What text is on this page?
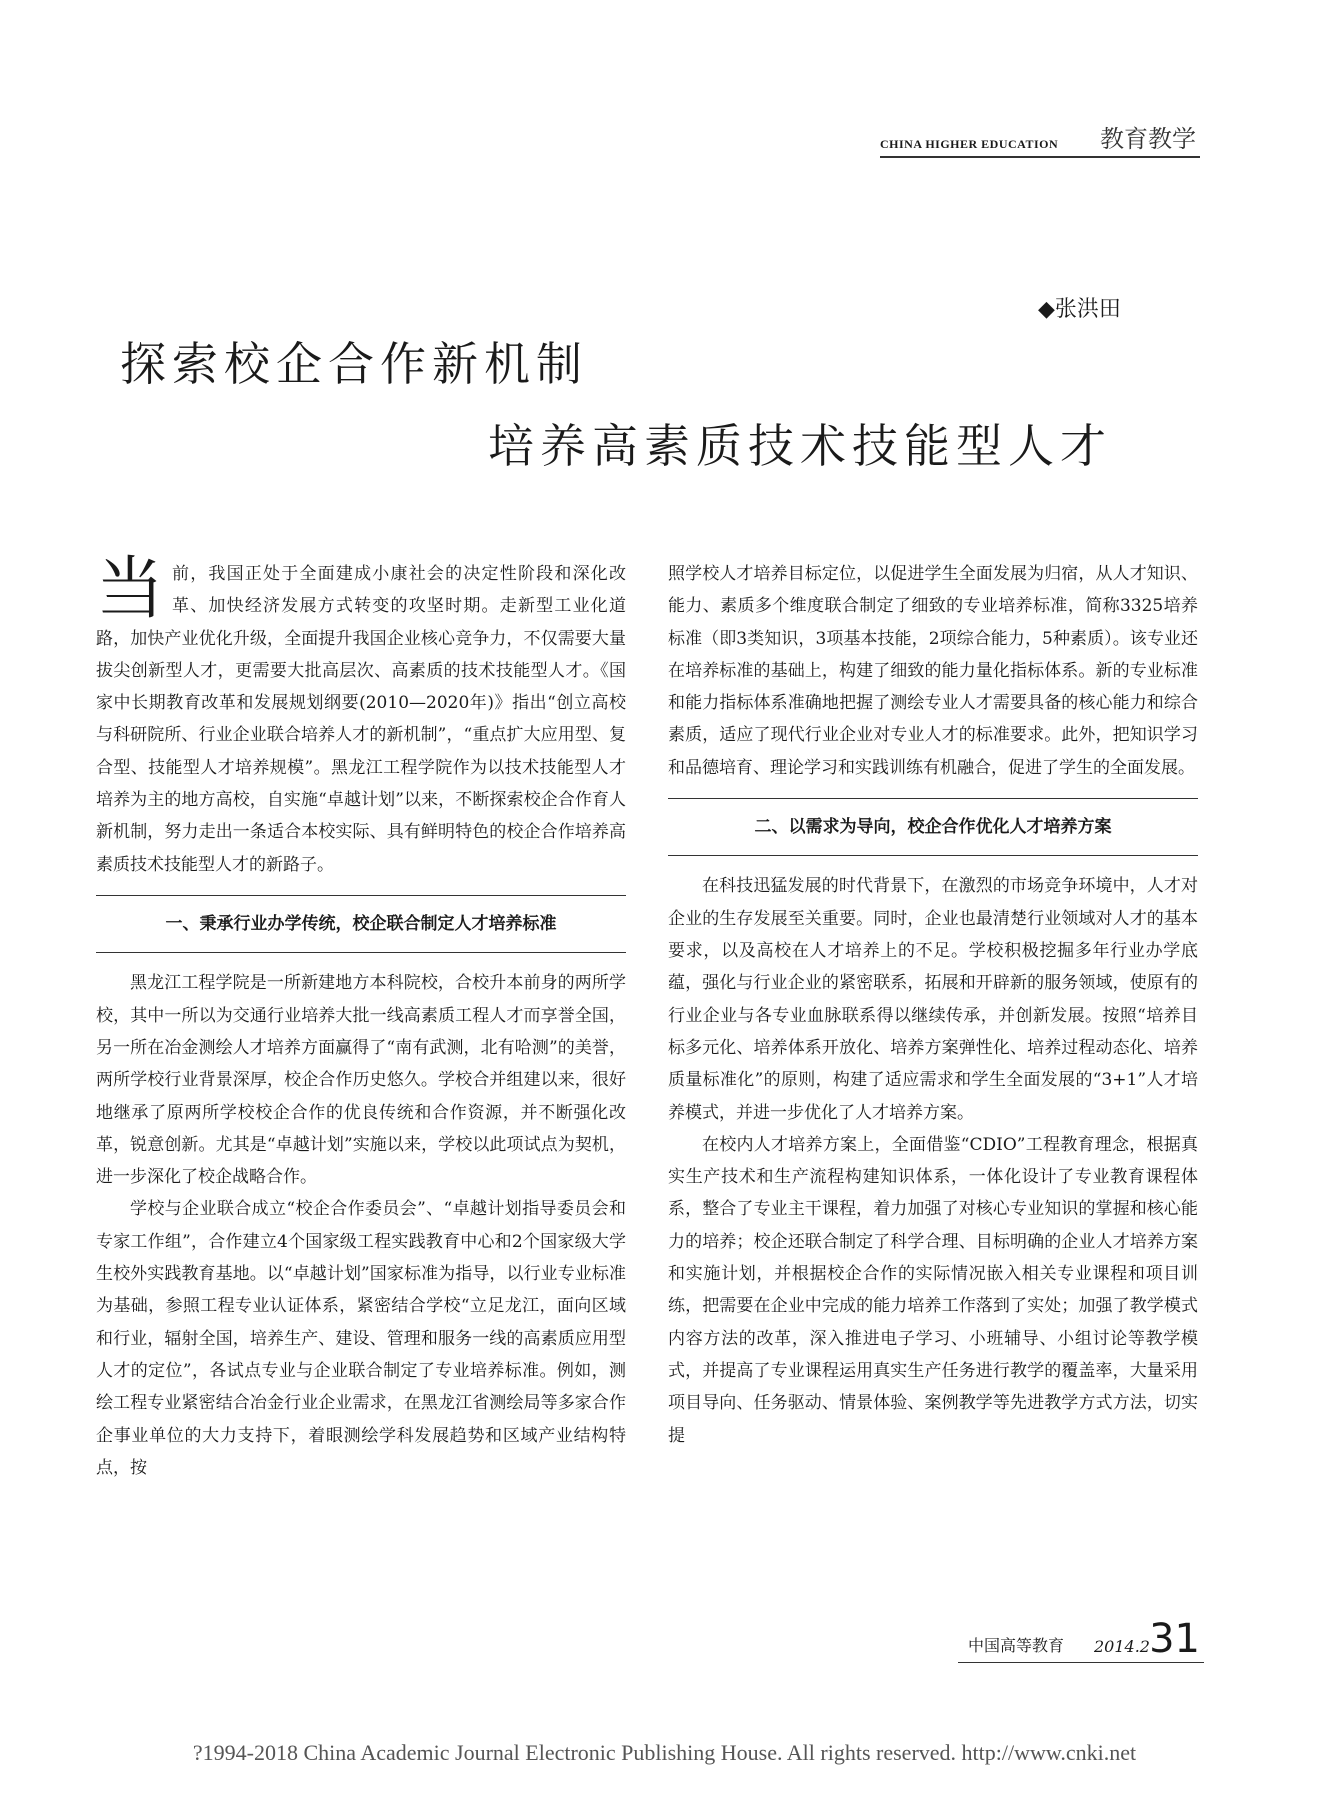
CHINA HIGHER EDUCATION 教育教学
◆张洪田
探索校企合作新机制
培养高素质技术技能型人才

当前，我国正处于全面建成小康社会的决定性阶段和深化改革、加快经济发展方式转变的攻坚时期。走新型工业化道路，加快产业优化升级，全面提升我国企业核心竞争力，不仅需要大量拔尖创新型人才，更需要大批高层次、高素质的技术技能型人才。《国家中长期教育改革和发展规划纲要(2010—2020年)》指出“创立高校与科研院所、行业企业联合培养人才的新机制”，“重点扩大应用型、复合型、技能型人才培养规模”。黑龙江工程学院作为以技术技能型人才培养为主的地方高校，自实施“卓越计划”以来，不断探索校企合作育人新机制，努力走出一条适合本校实际、具有鲜明特色的校企合作培养高素质技术技能型人才的新路子。

一、秉承行业办学传统，校企联合制定人才培养标准

黑龙江工程学院是一所新建地方本科院校，合校升本前身的两所学校，其中一所以为交通行业培养大批一线高素质工程人才而享誉全国，另一所在冶金测绘人才培养方面赢得了“南有武测，北有哈测”的美誉，两所学校行业背景深厚，校企合作历史悠久。学校合并组建以来，很好地继承了原两所学校校企合作的优良传统和合作资源，并不断强化改革，锐意创新。尤其是“卓越计划”实施以来，学校以此项试点为契机，进一步深化了校企战略合作。

学校与企业联合成立“校企合作委员会”、“卓越计划指导委员会和专家工作组”，合作建立4个国家级工程实践教育中心和2个国家级大学生校外实践教育基地。以“卓越计划”国家标准为指导，以行业专业标准为基础，参照工程专业认证体系，紧密结合学校“立足龙江，面向区域和行业，辐射全国，培养生产、建设、管理和服务一线的高素质应用型人才的定位”，各试点专业与企业联合制定了专业培养标准。例如，测绘工程专业紧密结合冶金行业企业需求，在黑龙江省测绘局等多家合作企事业单位的大力支持下，着眼测绘学科发展趋势和区域产业结构特点，按

照学校人才培养目标定位，以促进学生全面发展为归宿，从人才知识、能力、素质多个维度联合制定了细致的专业培养标准，简称3325培养标准（即3类知识，3项基本技能，2项综合能力，5种素质）。该专业还在培养标准的基础上，构建了细致的能力量化指标体系。新的专业标准和能力指标体系准确地把握了测绘专业人才需要具备的核心能力和综合素质，适应了现代行业企业对专业人才的标准要求。此外，把知识学习和品德培育、理论学习和实践训练有机融合，促进了学生的全面发展。

二、以需求为导向，校企合作优化人才培养方案

在科技迅猛发展的时代背景下，在激烈的市场竞争环境中，人才对企业的生存发展至关重要。同时，企业也最清楚行业领域对人才的基本要求，以及高校在人才培养上的不足。学校积极挖掘多年行业办学底蕴，强化与行业企业的紧密联系，拓展和开辟新的服务领域，使原有的行业企业与各专业血脉联系得以继续传承，并创新发展。按照“培养目标多元化、培养体系开放化、培养方案弹性化、培养过程动态化、培养质量标准化”的原则，构建了适应需求和学生全面发展的“3+1”人才培养模式，并进一步优化了人才培养方案。

在校内人才培养方案上，全面借鉴“CDIO”工程教育理念，根据真实生产技术和生产流程构建知识体系，一体化设计了专业教育课程体系，整合了专业主干课程，着力加强了对核心专业知识的掌握和核心能力的培养；校企还联合制定了科学合理、目标明确的企业人才培养方案和实施计划，并根据校企合作的实际情况嵌入相关专业课程和项目训练，把需要在企业中完成的能力培养工作落到了实处；加强了教学模式内容方法的改革，深入推进电子学习、小班辅导、小组讨论等教学模式，并提高了专业课程运用真实生产任务进行教学的覆盖率，大量采用项目导向、任务驱动、情景体验、案例教学等先进教学方式方法，切实提

中国高等教育 2014.2 31
?1994-2018 China Academic Journal Electronic Publishing House. All rights reserved. http://www.cnki.net
